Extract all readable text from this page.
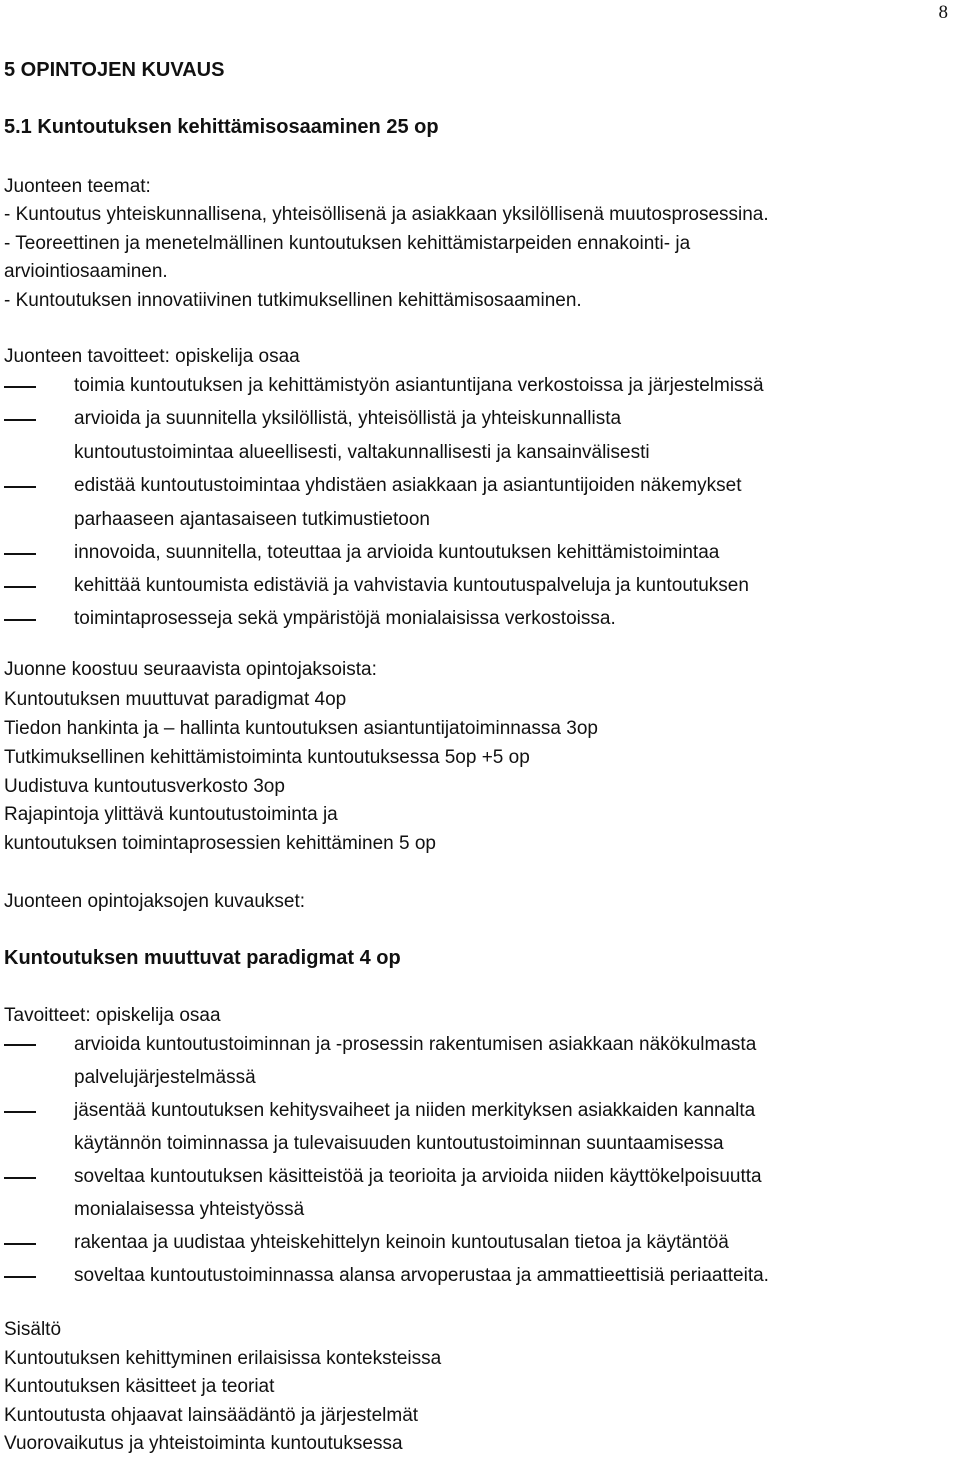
8
5 OPINTOJEN KUVAUS
5.1 Kuntoutuksen kehittämisosaaminen 25 op
Juonteen teemat:
- Kuntoutus yhteiskunnallisena, yhteisöllisenä ja asiakkaan yksilöllisenä muutosprosessina.
- Teoreettinen ja menetelmällinen kuntoutuksen kehittämistarpeiden ennakointi- ja
arviointiosaaminen.
- Kuntoutuksen innovatiivinen tutkimuksellinen kehittämisosaaminen.
Juonteen tavoitteet: opiskelija osaa
toimia kuntoutuksen ja kehittämistyön asiantuntijana verkostoissa ja järjestelmissä
arvioida ja suunnitella yksilöllistä, yhteisöllistä ja yhteiskunnallista
kuntoutustoimintaa alueellisesti, valtakunnallisesti ja kansainvälisesti
edistää kuntoutustoimintaa yhdistäen asiakkaan ja asiantuntijoiden näkemykset
parhaaseen ajantasaiseen tutkimustietoon
innovoida, suunnitella, toteuttaa ja arvioida kuntoutuksen kehittämistoimintaa
kehittää kuntoumista edistäviä ja vahvistavia kuntoutuspalveluja ja kuntoutuksen
toimintaprosesseja sekä ympäristöjä monialaisissa verkostoissa.
Juonne koostuu seuraavista opintojaksoista:
Kuntoutuksen muuttuvat paradigmat 4op
Tiedon hankinta ja – hallinta kuntoutuksen asiantuntijatoiminnassa 3op
Tutkimuksellinen kehittämistoiminta kuntoutuksessa 5op +5 op
Uudistuva kuntoutusverkosto 3op
Rajapintoja ylittävä kuntoutustoiminta ja
kuntoutuksen toimintaprosessien kehittäminen 5 op
Juonteen opintojaksojen kuvaukset:
Kuntoutuksen muuttuvat paradigmat 4 op
Tavoitteet: opiskelija osaa
arvioida kuntoutustoiminnan ja -prosessin rakentumisen asiakkaan näkökulmasta
palvelujärjestelmässä
jäsentää kuntoutuksen kehitysvaiheet ja niiden merkityksen asiakkaiden kannalta
käytännön toiminnassa ja tulevaisuuden kuntoutustoiminnan suuntaamisessa
soveltaa kuntoutuksen käsitteistöä ja teorioita ja arvioida niiden käyttökelpoisuutta
monialaisessa yhteistyössä
rakentaa ja uudistaa yhteiskehittelyn keinoin kuntoutusalan tietoa ja käytäntöä
soveltaa kuntoutustoiminnassa alansa arvoperustaa ja ammattieettisiä periaatteita.
Sisältö
Kuntoutuksen kehittyminen erilaisissa konteksteissa
Kuntoutuksen käsitteet ja teoriat
Kuntoutusta ohjaavat lainsäädäntö ja järjestelmät
Vuorovaikutus ja yhteistoiminta kuntoutuksessa
